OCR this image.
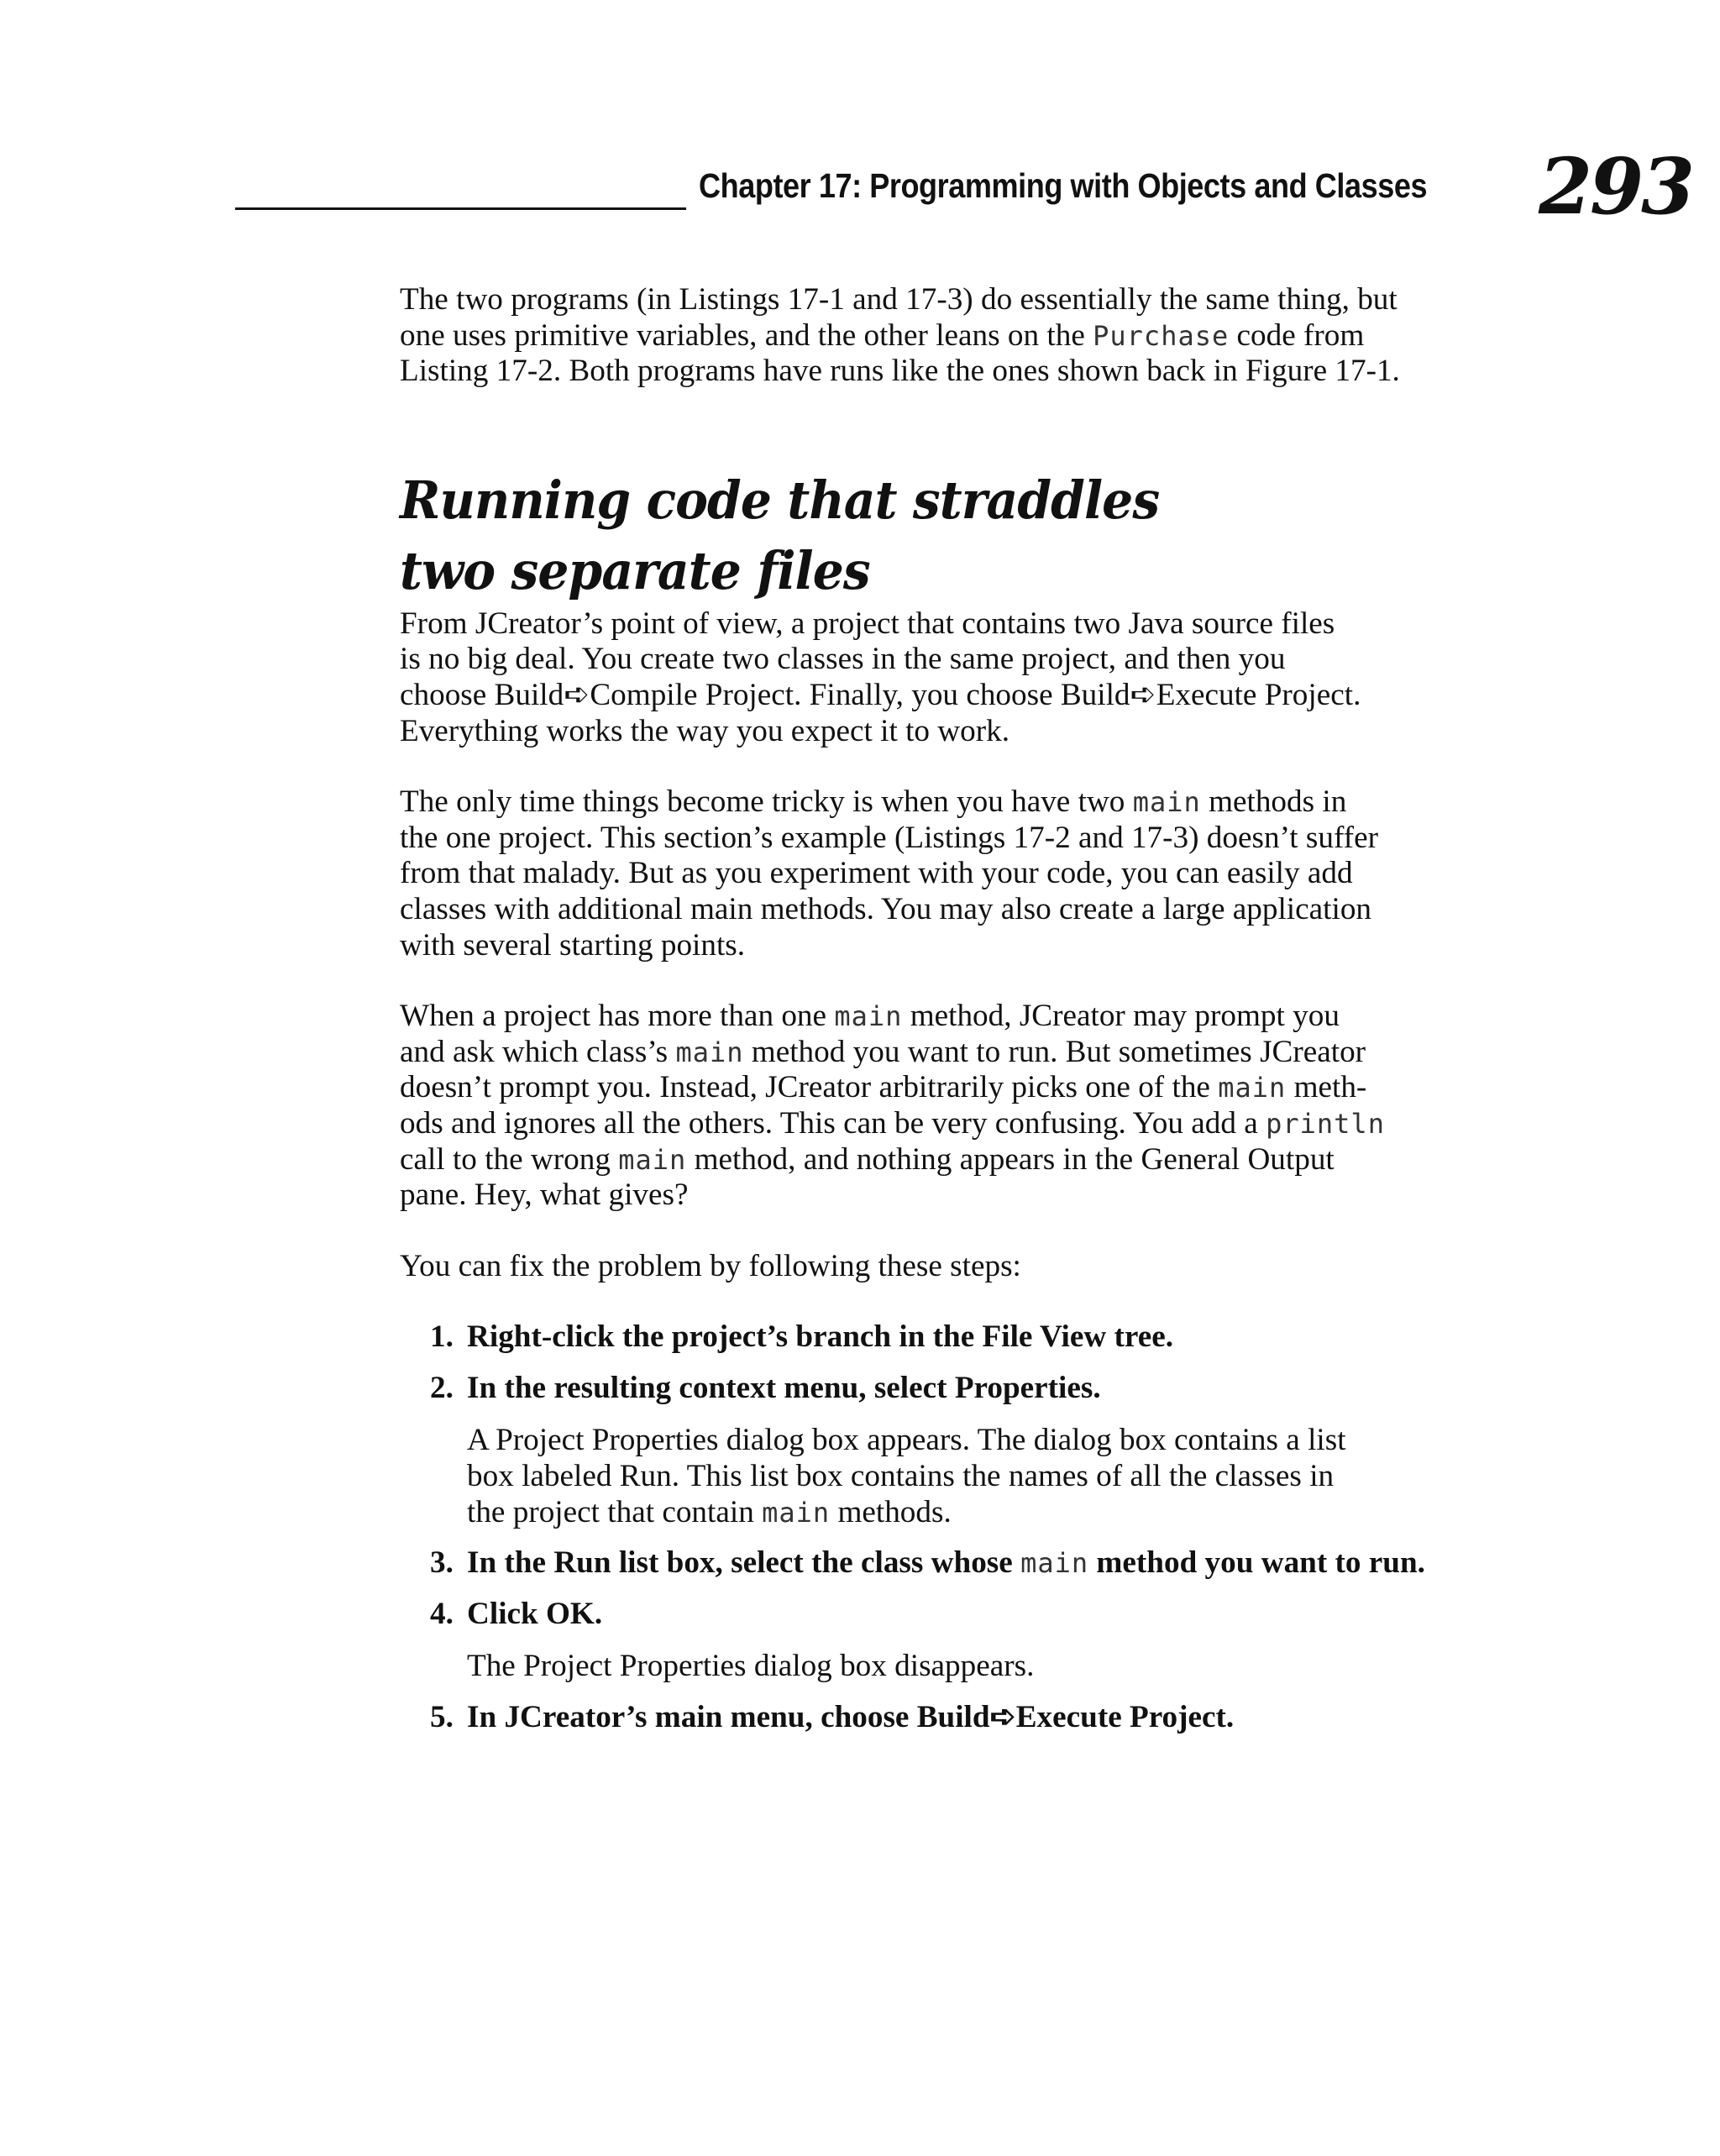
Chapter 17: Programming with Objects and Classes 293

The two programs (in Listings 17-1 and 17-3) do essentially the same thing, but

one uses primitive variables, and the other leans on the Purchase code from

Listing 17-2. Both programs have runs like the ones shown back in Figure 17-1.

Running code that straddles
two separate files

From JCreator’s point of view, a project that contains two Java source files

is no big deal. You create two classes in the same project, and then you

choose Build➪Compile Project. Finally, you choose Build➪Execute Project.

Everything works the way you expect it to work.

The only time things become tricky is when you have two main methods in

the one project. This section’s example (Listings 17-2 and 17-3) doesn’t suffer

from that malady. But as you experiment with your code, you can easily add

classes with additional main methods. You may also create a large application

with several starting points.

When a project has more than one main method, JCreator may prompt you

and ask which class’s main method you want to run. But sometimes JCreator

doesn’t prompt you. Instead, JCreator arbitrarily picks one of the main meth-

ods and ignores all the others. This can be very confusing. You add a println

call to the wrong main method, and nothing appears in the General Output

pane. Hey, what gives?

You can fix the problem by following these steps:

1. Right-click the project’s branch in the File View tree.
2. In the resulting context menu, select Properties.
A Project Properties dialog box appears. The dialog box contains a list
box labeled Run. This list box contains the names of all the classes in
the project that contain main methods.
3. In the Run list box, select the class whose main method you want to run.
4. Click OK.
The Project Properties dialog box disappears.
5. In JCreator’s main menu, choose Build➪Execute Project.
